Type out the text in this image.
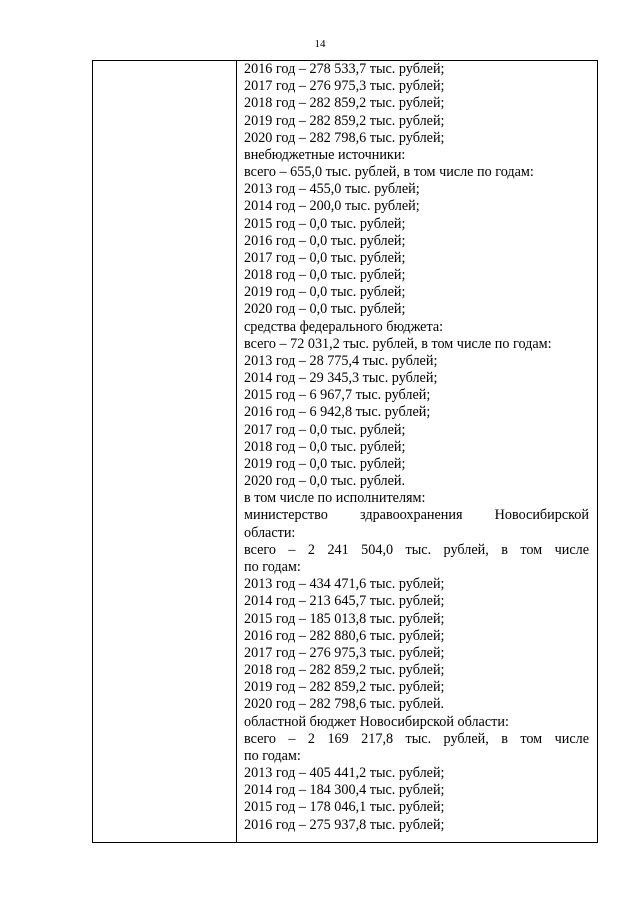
14
2016 год – 278 533,7 тыс. рублей;
2017 год – 276 975,3 тыс. рублей;
2018 год – 282 859,2 тыс. рублей;
2019 год – 282 859,2 тыс. рублей;
2020 год – 282 798,6 тыс. рублей;
внебюджетные источники:
всего – 655,0 тыс. рублей, в том числе по годам:
2013 год – 455,0 тыс. рублей;
2014 год – 200,0 тыс. рублей;
2015 год – 0,0 тыс. рублей;
2016 год – 0,0 тыс. рублей;
2017 год – 0,0 тыс. рублей;
2018 год – 0,0 тыс. рублей;
2019 год – 0,0 тыс. рублей;
2020 год – 0,0 тыс. рублей;
средства федерального бюджета:
всего – 72 031,2 тыс. рублей, в том числе по годам:
2013 год – 28 775,4 тыс. рублей;
2014 год – 29 345,3 тыс. рублей;
2015 год – 6 967,7 тыс. рублей;
2016 год – 6 942,8 тыс. рублей;
2017 год – 0,0 тыс. рублей;
2018 год – 0,0 тыс. рублей;
2019 год – 0,0 тыс. рублей;
2020 год – 0,0 тыс. рублей.
в том числе по исполнителям:
министерство здравоохранения Новосибирской
области:
всего – 2 241 504,0 тыс. рублей, в том числе
по годам:
2013 год – 434 471,6 тыс. рублей;
2014 год – 213 645,7 тыс. рублей;
2015 год – 185 013,8 тыс. рублей;
2016 год – 282 880,6 тыс. рублей;
2017 год – 276 975,3 тыс. рублей;
2018 год – 282 859,2 тыс. рублей;
2019 год – 282 859,2 тыс. рублей;
2020 год – 282 798,6 тыс. рублей.
областной бюджет Новосибирской области:
всего – 2 169 217,8 тыс. рублей, в том числе
по годам:
2013 год – 405 441,2 тыс. рублей;
2014 год – 184 300,4 тыс. рублей;
2015 год – 178 046,1 тыс. рублей;
2016 год – 275 937,8 тыс. рублей;
